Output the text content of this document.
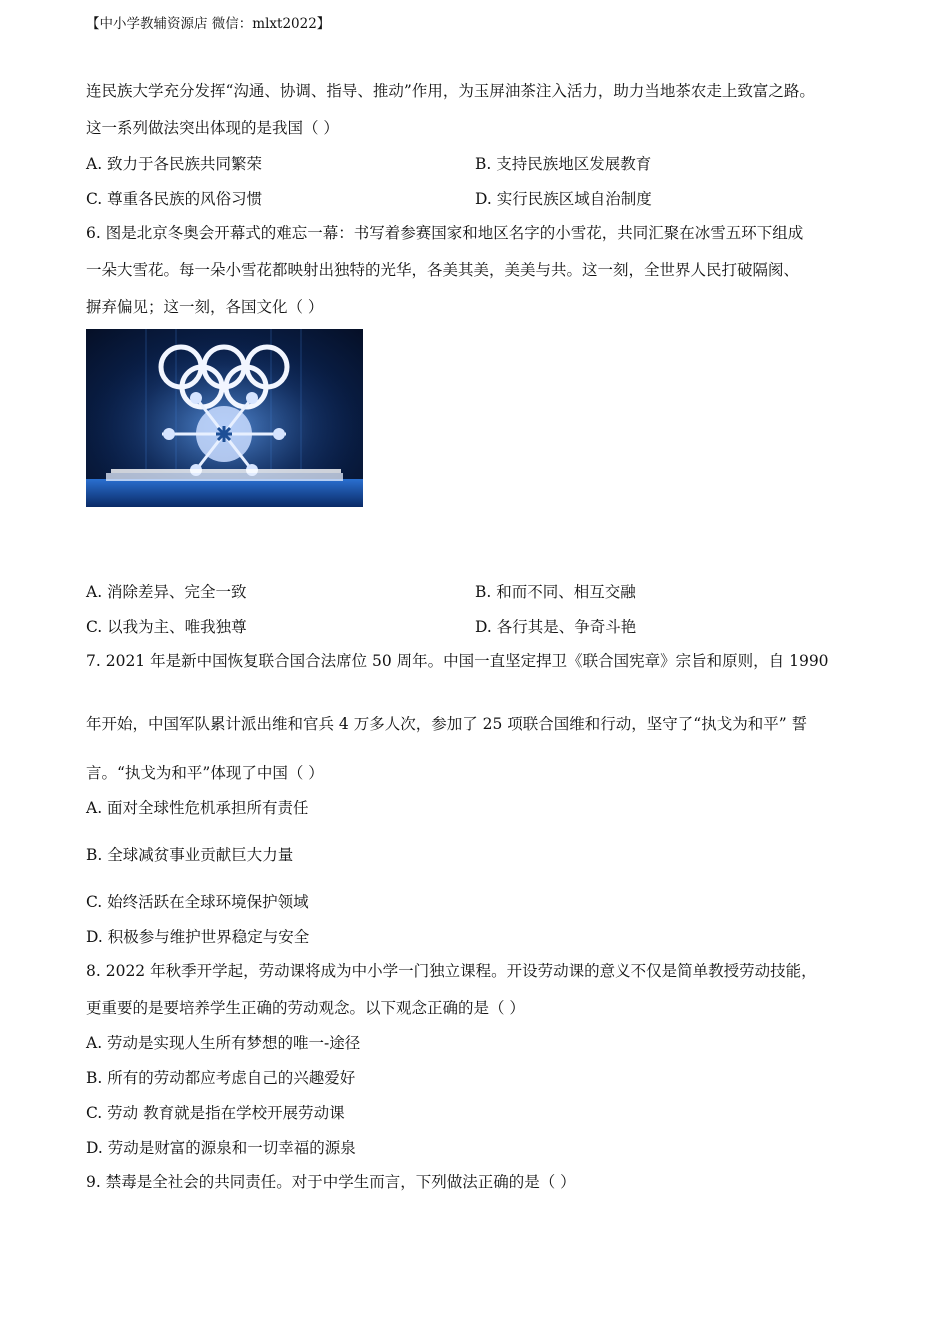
【中小学教辅资源店 微信：mlxt2022】
连民族大学充分发挥“沟通、协调、指导、推动”作用，为玉屏油茶注入活力，助力当地茶农走上致富之路。
这一系列做法突出体现的是我国（ ）
A. 致力于各民族共同繁荣	B. 支持民族地区发展教育
C. 尊重各民族的风俗习惯	D. 实行民族区域自治制度
6. 图是北京冬奥会开幕式的难忘一幕：书写着参赛国家和地区名字的小雪花，共同汇聚在冰雪五环下组成
一朵大雪花。每一朵小雪花都映射出独特的光华，各美其美，美美与共。这一刻，全世界人民打破隔阂、
摒弃偏见；这一刻，各国文化（ ）
A. 消除差异、完全一致	B. 和而不同、相互交融
C. 以我为主、唯我独尊	D. 各行其是、争奇斗艳
7. 2021 年是新中国恢复联合国合法席位 50 周年。中国一直坚定捍卫《联合国宪章》宗旨和原则，自 1990
年开始，中国军队累计派出维和官兵 4 万多人次，参加了 25 项联合国维和行动，坚守了“执戈为和平” 誓
言。“执戈为和平”体现了中国（ ）
A. 面对全球性危机承担所有责任
B. 全球减贫事业贡献巨大力量
C. 始终活跃在全球环境保护领域
D. 积极参与维护世界稳定与安全
8. 2022 年秋季开学起，劳动课将成为中小学一门独立课程。开设劳动课的意义不仅是简单教授劳动技能，
更重要的是要培养学生正确的劳动观念。以下观念正确的是（ ）
A. 劳动是实现人生所有梦想的唯一-途径
B. 所有的劳动都应考虑自己的兴趣爱好
C. 劳动 教育就是指在学校开展劳动课
D. 劳动是财富的源泉和一切幸福的源泉
9. 禁毒是全社会的共同责任。对于中学生而言，下列做法正确的是（ ）
